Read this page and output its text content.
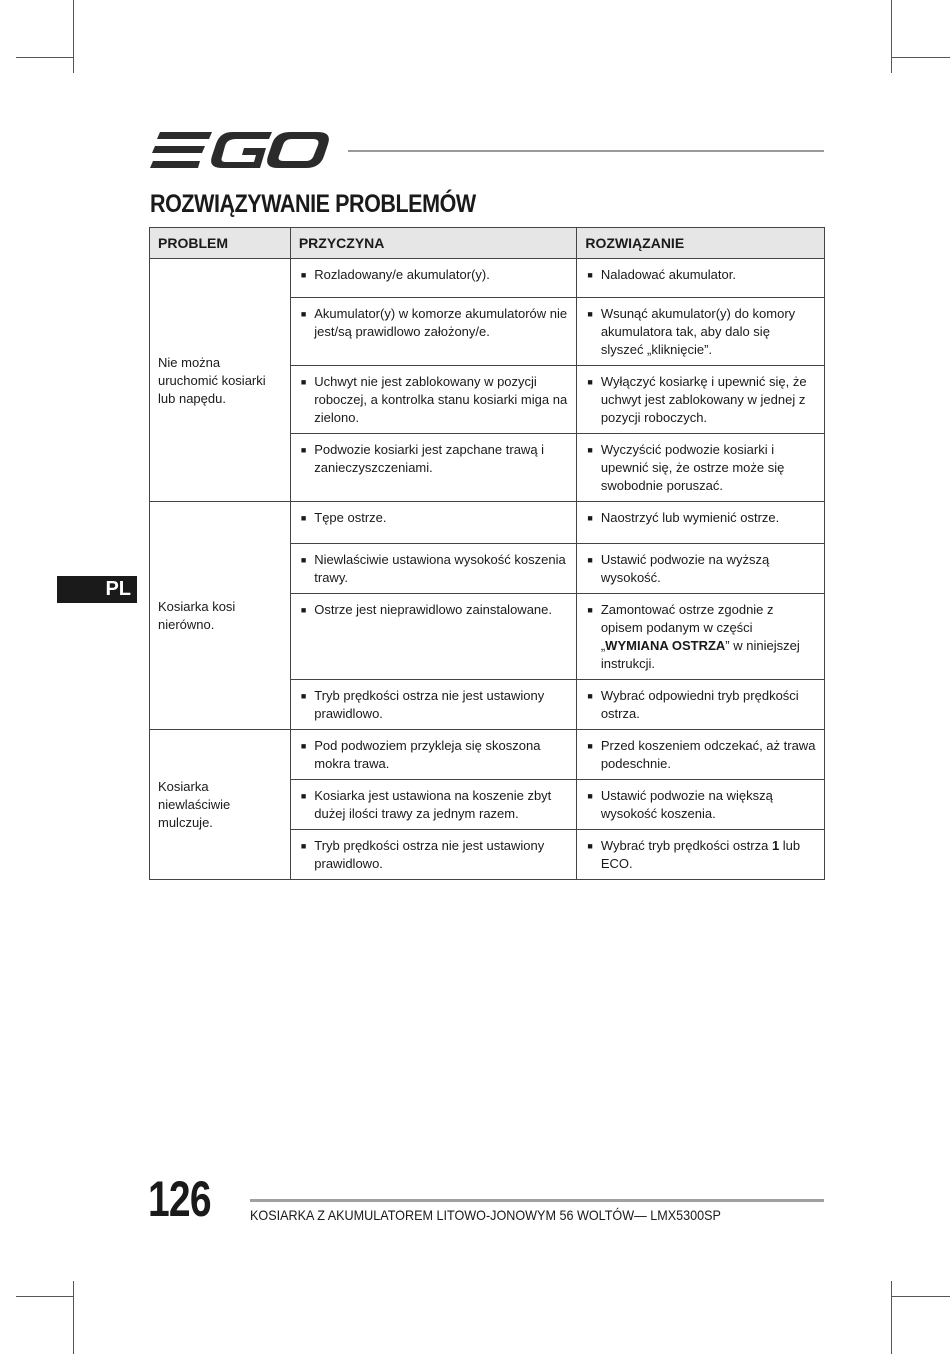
ROZWIĄZYWANIE PROBLEMÓW
PROBLEM	PRZYCZYNA	ROZWIĄZANIE
Nie można uruchomić kosiarki lub napędu.	■ Rozladowany/e akumulator(y).	■ Naladować akumulator.

	■ Akumulator(y) w komorze akumulatorów nie jest/są prawidlowo założony/e.	■ Wsunąć akumulator(y) do komory akumulatora tak, aby dalo się slyszeć „kliknięcie”.

	■ Uchwyt nie jest zablokowany w pozycji roboczej, a kontrolka stanu kosiarki miga na zielono.	■ Wyłączyć kosiarkę i upewnić się, że uchwyt jest zablokowany w jednej z pozycji roboczych.

	■ Podwozie kosiarki jest zapchane trawą i zanieczyszczeniami.	■ Wyczyścić podwozie kosiarki i upewnić się, że ostrze może się swobodnie poruszać.

Kosiarka kosi nierówno.	■ Tępe ostrze.	■ Naostrzyć lub wymienić ostrze.

	■ Niewlaściwie ustawiona wysokość koszenia trawy.	■ Ustawić podwozie na wyższą wysokość.

	■ Ostrze jest nieprawidlowo zainstalowane.	■ Zamontować ostrze zgodnie z opisem podanym w części „WYMIANA OSTRZA” w niniejszej instrukcji.

	■ Tryb prędkości ostrza nie jest ustawiony prawidlowo.	■ Wybrać odpowiedni tryb prędkości ostrza.

Kosiarka niewlaściwie mulczuje.	■ Pod podwoziem przykleja się skoszona mokra trawa.	■ Przed koszeniem odczekać, aż trawa podeschnie.

	■ Kosiarka jest ustawiona na koszenie zbyt dużej ilości trawy za jednym razem.	■ Ustawić podwozie na większą wysokość koszenia.

	■ Tryb prędkości ostrza nie jest ustawiony prawidlowo.	■ Wybrać tryb prędkości ostrza 1 lub ECO.
PL
126	KOSIARKA Z AKUMULATOREM LITOWO-JONOWYM 56 WOLTÓW— LMX5300SP
